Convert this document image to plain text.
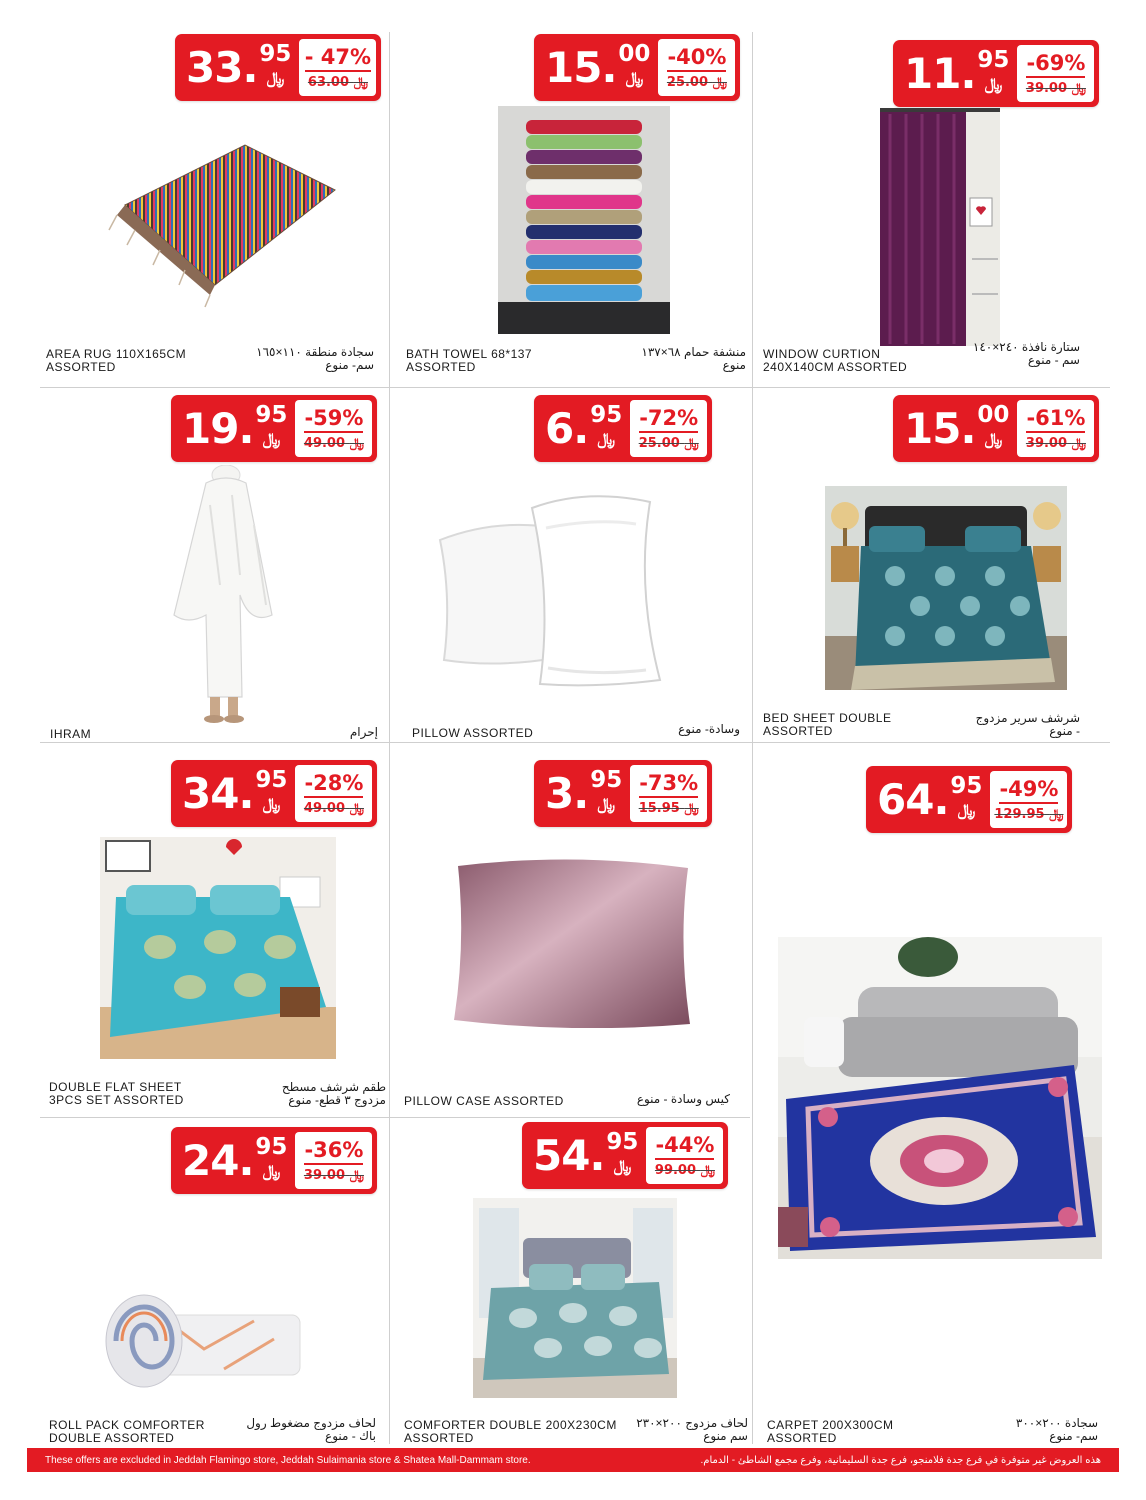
33 . 95
﷼
- 47%
﷼ 63.00
AREA RUG 110X165CM
ASSORTED
سجادة منطقة ١١٠×١٦٥
سم- منوع
15 . 00
﷼
-40%
﷼ 25.00
BATH TOWEL 68*137
ASSORTED
منشفة حمام ٦٨×١٣٧
منوع
11 . 95
﷼
-69%
﷼ 39.00
WINDOW CURTION
240X140CM ASSORTED
ستارة نافذة ٢٤٠×١٤٠
سم - منوع
19 . 95
﷼
-59%
﷼ 49.00
IHRAM	إحرام
6 . 95
﷼
-72%
﷼ 25.00
PILLOW ASSORTED	وسادة- منوع
15 . 00
﷼
-61%
﷼ 39.00
BED SHEET DOUBLE
ASSORTED
شرشف سرير مزدوج
- منوع
34 . 95
﷼
-28%
﷼ 49.00
DOUBLE FLAT SHEET
3PCS SET ASSORTED
طقم شرشف مسطح
مزدوج ٣ قطع- منوع
3 . 95
﷼
-73%
﷼ 15.95
PILLOW CASE ASSORTED	كيس وسادة - منوع
64 . 95
﷼
-49%
﷼ 129.95
CARPET 200X300CM
ASSORTED
سجادة ٢٠٠×٣٠٠
سم- منوع
24 . 95
﷼
-36%
﷼ 39.00
ROLL PACK COMFORTER
DOUBLE ASSORTED
لحاف مزدوج مضغوط رول
باك - منوع
54 . 95
﷼
-44%
﷼ 99.00
COMFORTER DOUBLE 200X230CM
ASSORTED
لحاف مزدوج ٢٠٠×٢٣٠
سم منوع
These offers are excluded in Jeddah Flamingo store, Jeddah Sulaimania store & Shatea Mall-Dammam store.	هذه العروض غير متوفرة في فرع جدة فلامنجو، فرع جدة السليمانية، وفرع مجمع الشاطئ - الدمام.
